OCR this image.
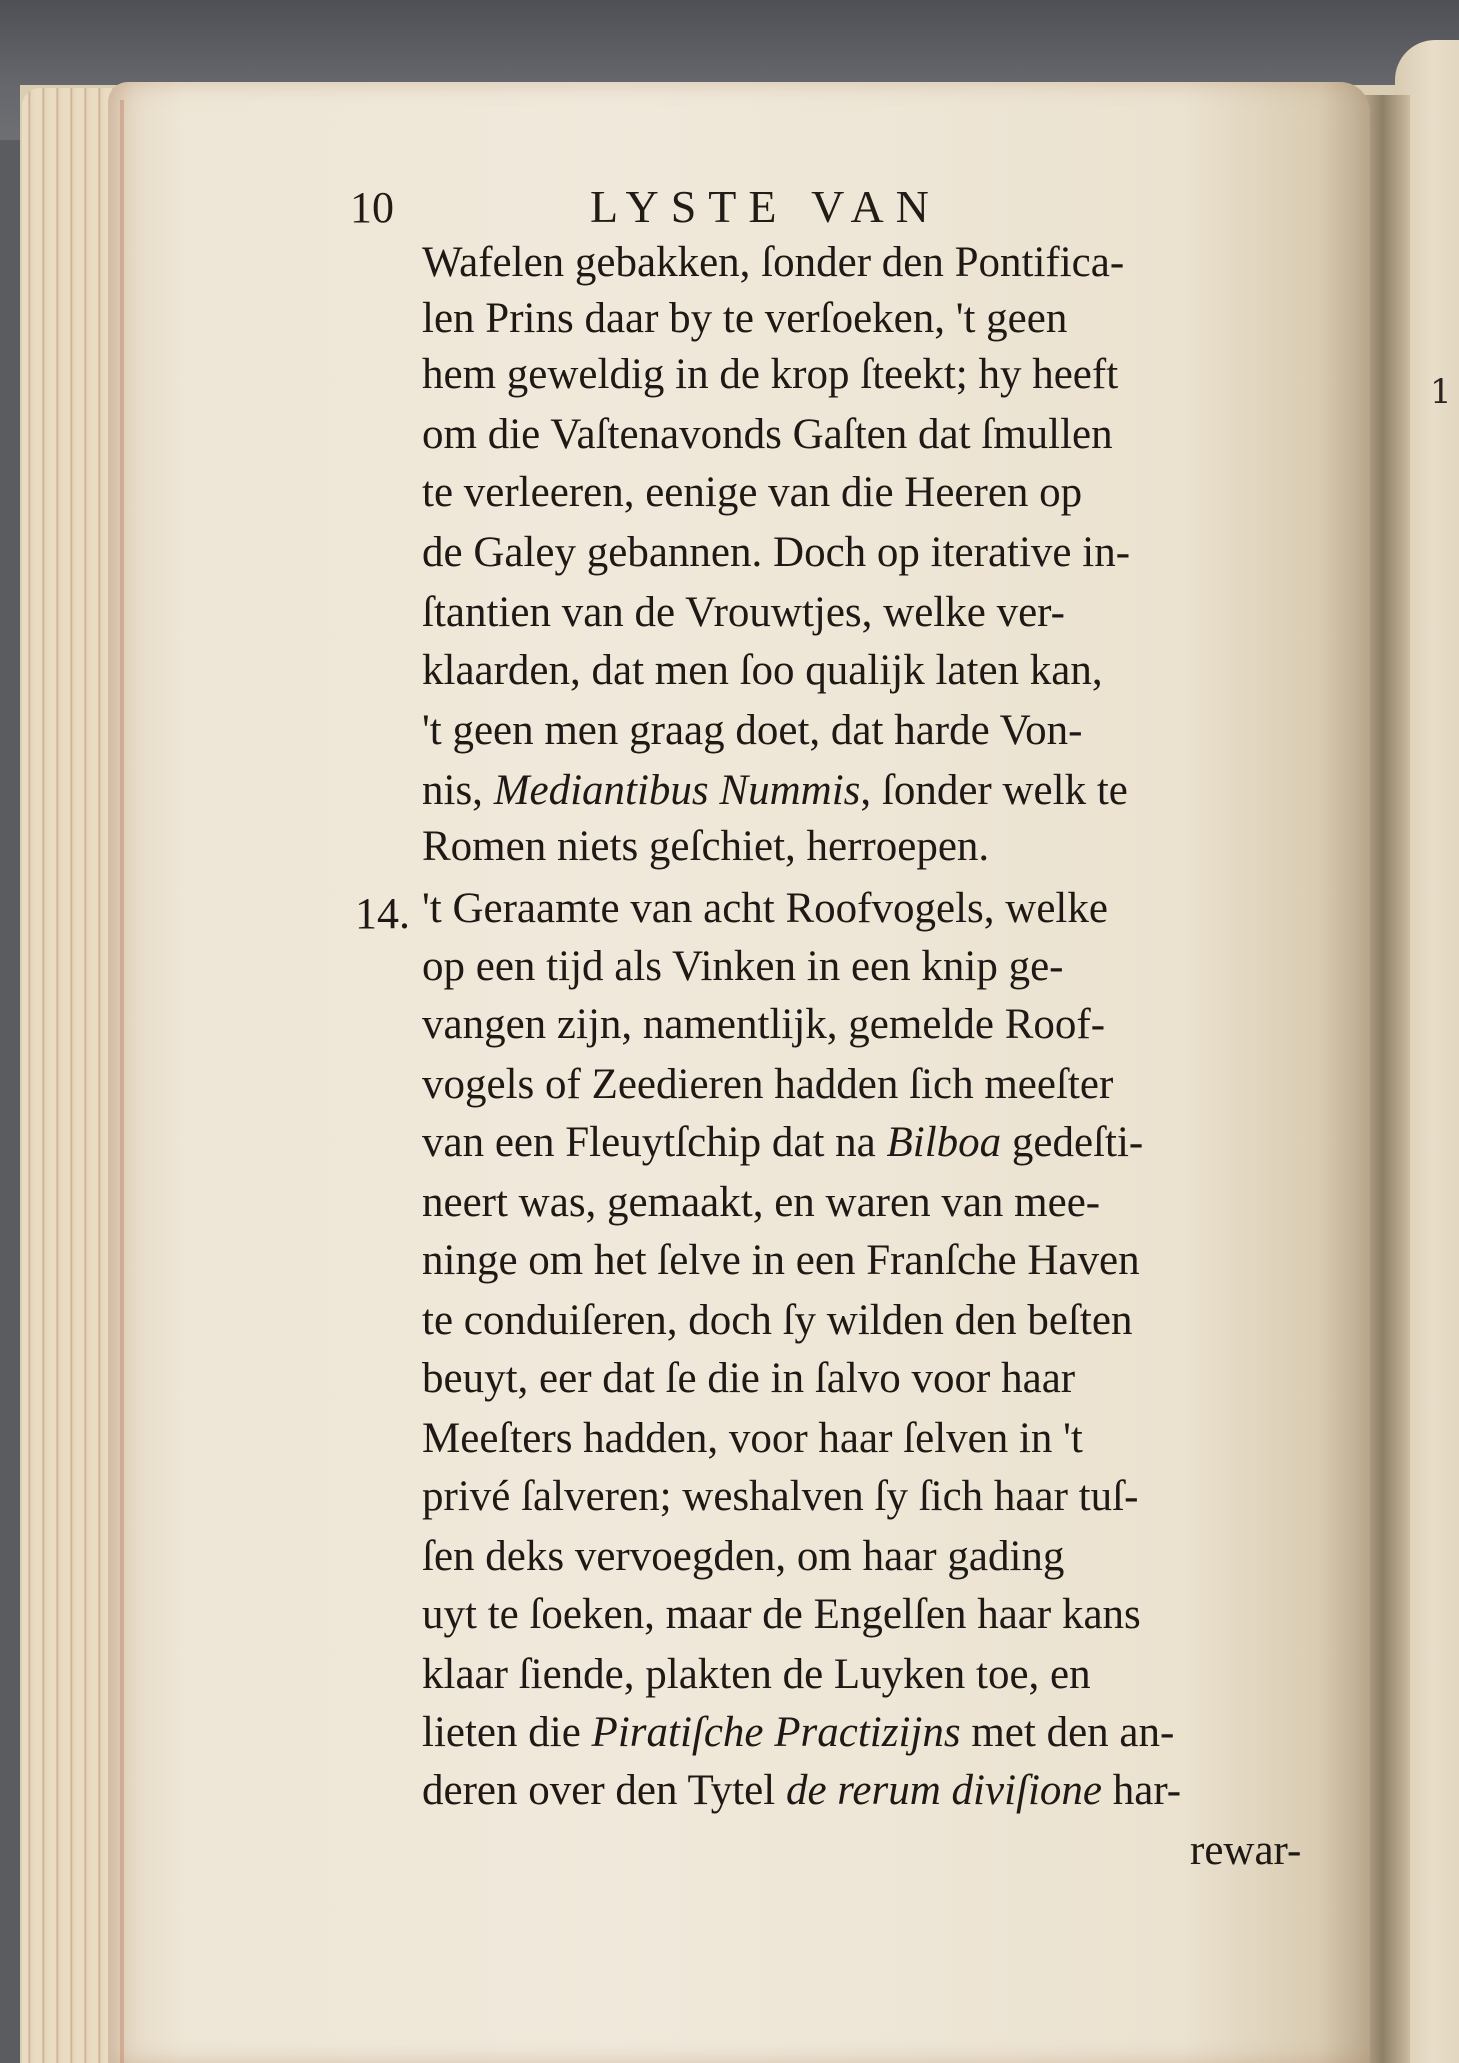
1
10	LYSTE VAN
14.
Wafelen gebakken, ſonder den Pontifica-
len Prins daar by te verſoeken, 't geen
hem geweldig in de krop ſteekt; hy heeft
om die Vaſtenavonds Gaſten dat ſmullen
te verleeren, eenige van die Heeren op
de Galey gebannen. Doch op iterative in-
ſtantien van de Vrouwtjes, welke ver-
klaarden, dat men ſoo qualijk laten kan,
't geen men graag doet, dat harde Von-
nis, Mediantibus Nummis, ſonder welk te
Romen niets geſchiet, herroepen.
't Geraamte van acht Roofvogels, welke
op een tijd als Vinken in een knip ge-
vangen zijn, namentlijk, gemelde Roof-
vogels of Zeedieren hadden ſich meeſter
van een Fleuytſchip dat na Bilboa gedeſti-
neert was, gemaakt, en waren van mee-
ninge om het ſelve in een Franſche Haven
te conduiſeren, doch ſy wilden den beſten
beuyt, eer dat ſe die in ſalvo voor haar
Meeſters hadden, voor haar ſelven in 't
privé ſalveren; weshalven ſy ſich haar tuſ-
ſen deks vervoegden, om haar gading
uyt te ſoeken, maar de Engelſen haar kans
klaar ſiende, plakten de Luyken toe, en
lieten die Piratiſche Practizijns met den an-
deren over den Tytel de rerum diviſione har-
rewar-
